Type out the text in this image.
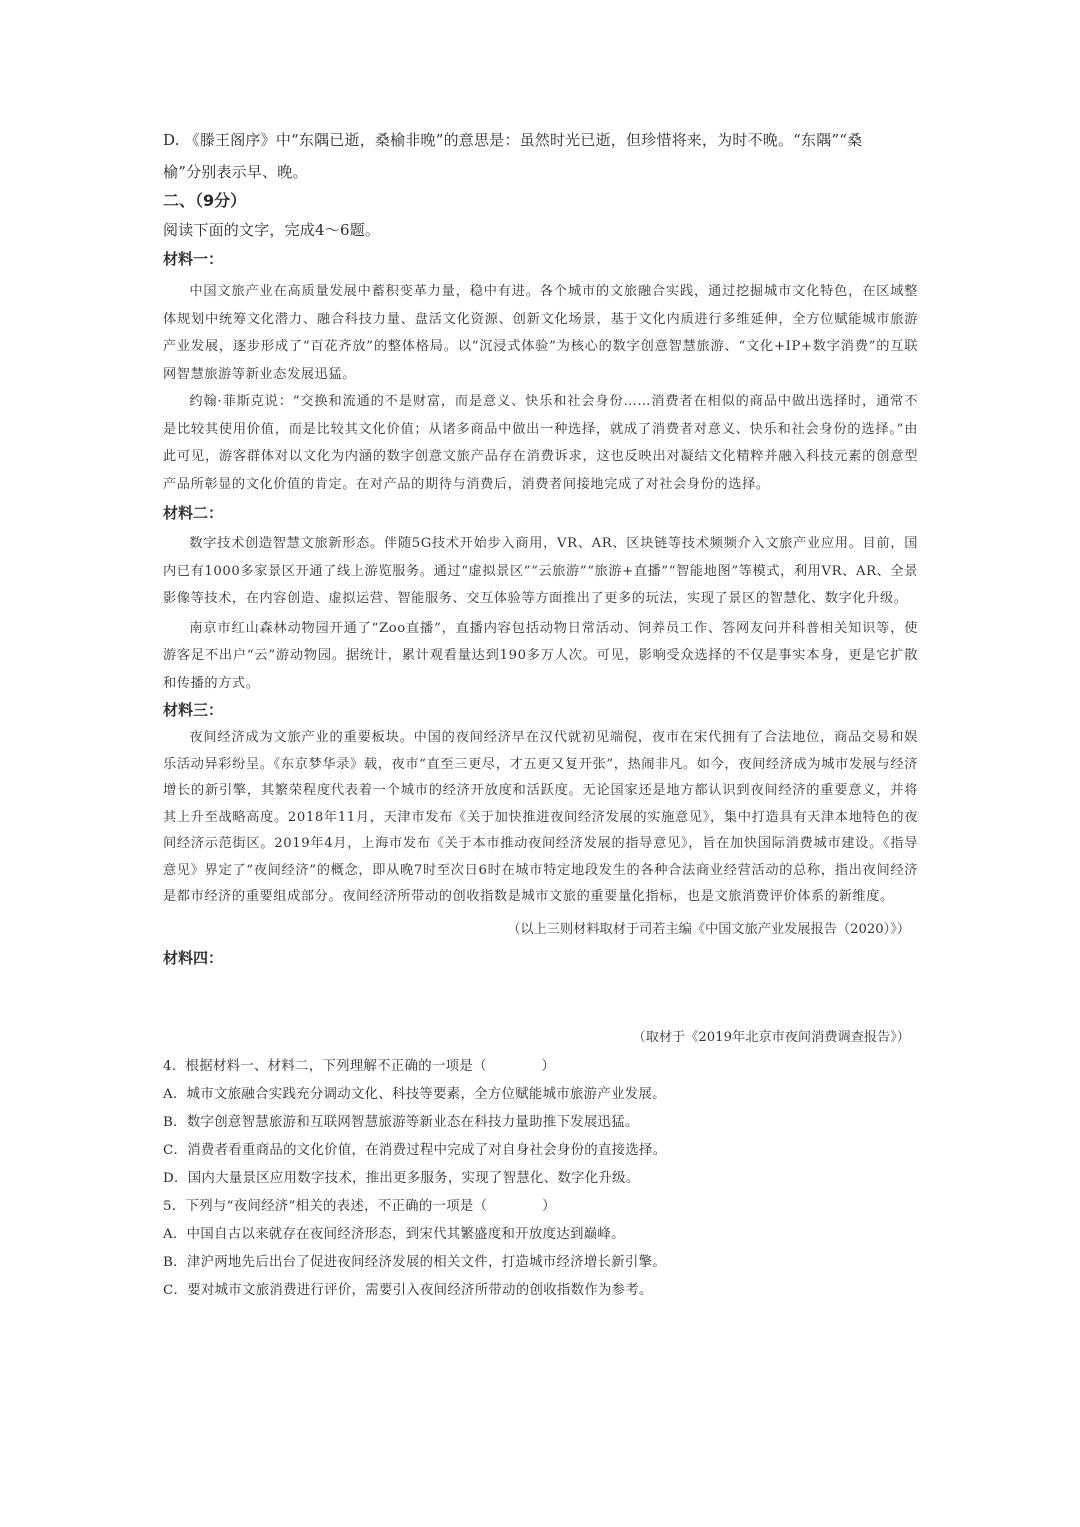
D. 《滕王阁序》中“东隅已逝，桑榆非晚”的意思是：虽然时光已逝，但珍惜将来，为时不晚。“东隅”“桑

榆”分别表示早、晚。

二、（9分）

阅读下面的文字，完成4～6题。

材料一：

中国文旅产业在高质量发展中蓄积变革力量，稳中有进。各个城市的文旅融合实践，通过挖掘城市文化特色，在区域整体规划中统筹文化潜力、融合科技力量、盘活文化资源、创新文化场景，基于文化内质进行多维延伸，全方位赋能城市旅游产业发展，逐步形成了“百花齐放”的整体格局。以“沉浸式体验”为核心的数字创意智慧旅游、“文化+IP+数字消费”的互联网智慧旅游等新业态发展迅猛。

约翰·菲斯克说：“交换和流通的不是财富，而是意义、快乐和社会身份……消费者在相似的商品中做出选择时，通常不是比较其使用价值，而是比较其文化价值；从诸多商品中做出一种选择，就成了消费者对意义、快乐和社会身份的选择。”由此可见，游客群体对以文化为内涵的数字创意文旅产品存在消费诉求，这也反映出对凝结文化精粹并融入科技元素的创意型产品所彰显的文化价值的肯定。在对产品的期待与消费后，消费者间接地完成了对社会身份的选择。

材料二：

数字技术创造智慧文旅新形态。伴随5G技术开始步入商用，VR、AR、区块链等技术频频介入文旅产业应用。目前，国内已有1000多家景区开通了线上游览服务。通过“虚拟景区”“云旅游”“旅游+直播”“智能地图”等模式，利用VR、AR、全景影像等技术，在内容创造、虚拟运营、智能服务、交互体验等方面推出了更多的玩法，实现了景区的智慧化、数字化升级。

南京市红山森林动物园开通了“Zoo直播”，直播内容包括动物日常活动、饲养员工作、答网友问并科普相关知识等，使游客足不出户“云”游动物园。据统计，累计观看量达到190多万人次。可见，影响受众选择的不仅是事实本身，更是它扩散和传播的方式。

材料三：

夜间经济成为文旅产业的重要板块。中国的夜间经济早在汉代就初见端倪，夜市在宋代拥有了合法地位，商品交易和娱乐活动异彩纷呈。《东京梦华录》载，夜市“直至三更尽，才五更又复开张”，热闹非凡。如今，夜间经济成为城市发展与经济增长的新引擎，其繁荣程度代表着一个城市的经济开放度和活跃度。无论国家还是地方都认识到夜间经济的重要意义，并将其上升至战略高度。2018年11月，天津市发布《关于加快推进夜间经济发展的实施意见》，集中打造具有天津本地特色的夜间经济示范街区。2019年4月，上海市发布《关于本市推动夜间经济发展的指导意见》，旨在加快国际消费城市建设。《指导意见》界定了“夜间经济”的概念，即从晚7时至次日6时在城市特定地段发生的各种合法商业经营活动的总称，指出夜间经济是都市经济的重要组成部分。夜间经济所带动的创收指数是城市文旅的重要量化指标，也是文旅消费评价体系的新维度。

（以上三则材料取材于司若主编《中国文旅产业发展报告（2020）》）

材料四：

（取材于《2019年北京市夜间消费调查报告》）

4．根据材料一、材料二，下列理解不正确的一项是（　　　　）

A．城市文旅融合实践充分调动文化、科技等要素，全方位赋能城市旅游产业发展。

B．数字创意智慧旅游和互联网智慧旅游等新业态在科技力量助推下发展迅猛。

C．消费者看重商品的文化价值，在消费过程中完成了对自身社会身份的直接选择。

D．国内大量景区应用数字技术，推出更多服务，实现了智慧化、数字化升级。

5．下列与“夜间经济”相关的表述，不正确的一项是（　　　　）

A．中国自古以来就存在夜间经济形态，到宋代其繁盛度和开放度达到巅峰。

B．津沪两地先后出台了促进夜间经济发展的相关文件，打造城市经济增长新引擎。

C．要对城市文旅消费进行评价，需要引入夜间经济所带动的创收指数作为参考。
